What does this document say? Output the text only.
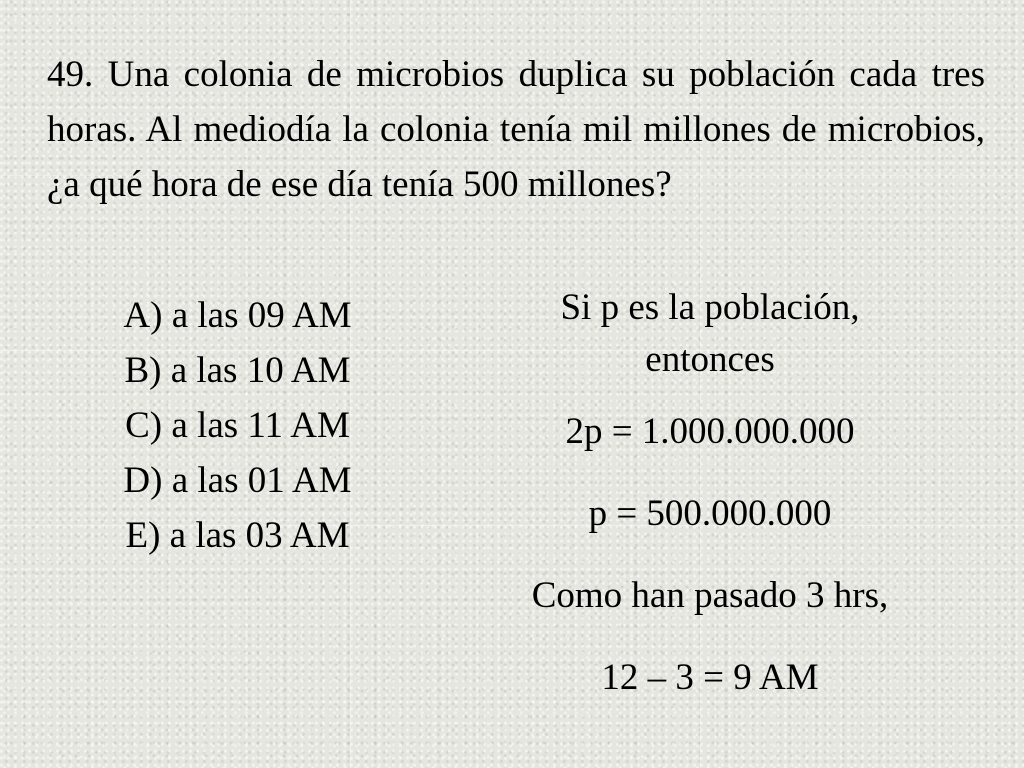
49. Una colonia de microbios duplica su población cada tres horas. Al mediodía la colonia tenía mil millones de microbios, ¿a qué hora de ese día tenía 500 millones?

A) a las 09 AM
B) a las 10 AM
C) a las 11 AM
D) a las 01 AM
E) a las 03 AM

Si p es la población,
entonces

2p = 1.000.000.000

p = 500.000.000

Como han pasado 3 hrs,

12 – 3 = 9 AM
